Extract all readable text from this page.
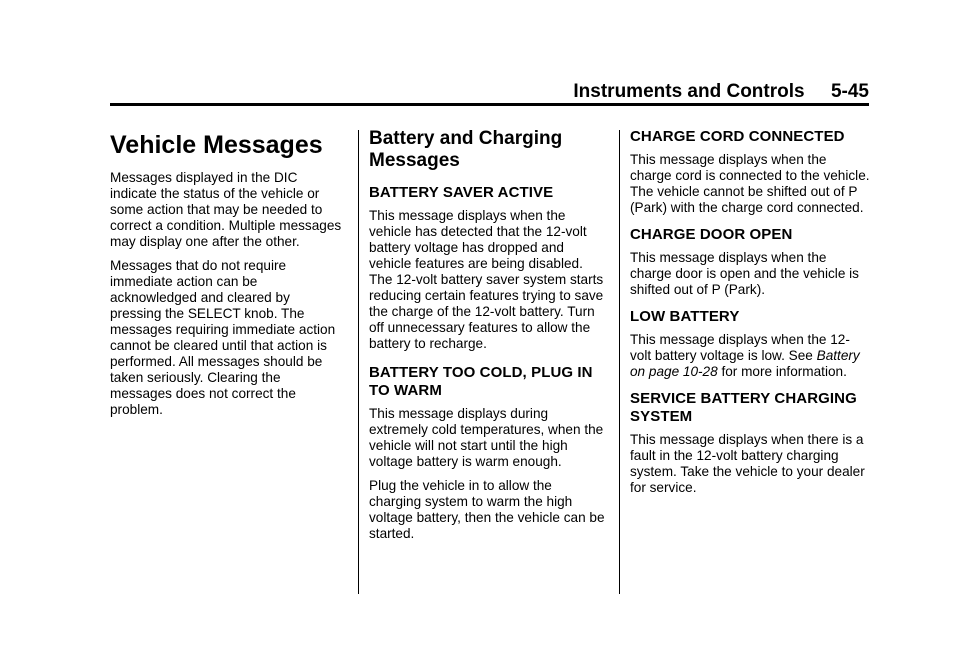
Instruments and Controls     5-45
Vehicle Messages

Messages displayed in the DIC indicate the status of the vehicle or some action that may be needed to correct a condition. Multiple messages may display one after the other.

Messages that do not require immediate action can be acknowledged and cleared by pressing the SELECT knob. The messages requiring immediate action cannot be cleared until that action is performed. All messages should be taken seriously. Clearing the messages does not correct the problem.

Battery and Charging Messages
BATTERY SAVER ACTIVE

This message displays when the vehicle has detected that the 12-volt battery voltage has dropped and vehicle features are being disabled. The 12-volt battery saver system starts reducing certain features trying to save the charge of the 12-volt battery. Turn off unnecessary features to allow the battery to recharge.

BATTERY TOO COLD, PLUG IN TO WARM

This message displays during extremely cold temperatures, when the vehicle will not start until the high voltage battery is warm enough.

Plug the vehicle in to allow the charging system to warm the high voltage battery, then the vehicle can be started.

CHARGE CORD CONNECTED

This message displays when the charge cord is connected to the vehicle. The vehicle cannot be shifted out of P (Park) with the charge cord connected.

CHARGE DOOR OPEN

This message displays when the charge door is open and the vehicle is shifted out of P (Park).

LOW BATTERY

This message displays when the 12-volt battery voltage is low. See Battery on page 10-28 for more information.

SERVICE BATTERY CHARGING SYSTEM

This message displays when there is a fault in the 12-volt battery charging system. Take the vehicle to your dealer for service.
